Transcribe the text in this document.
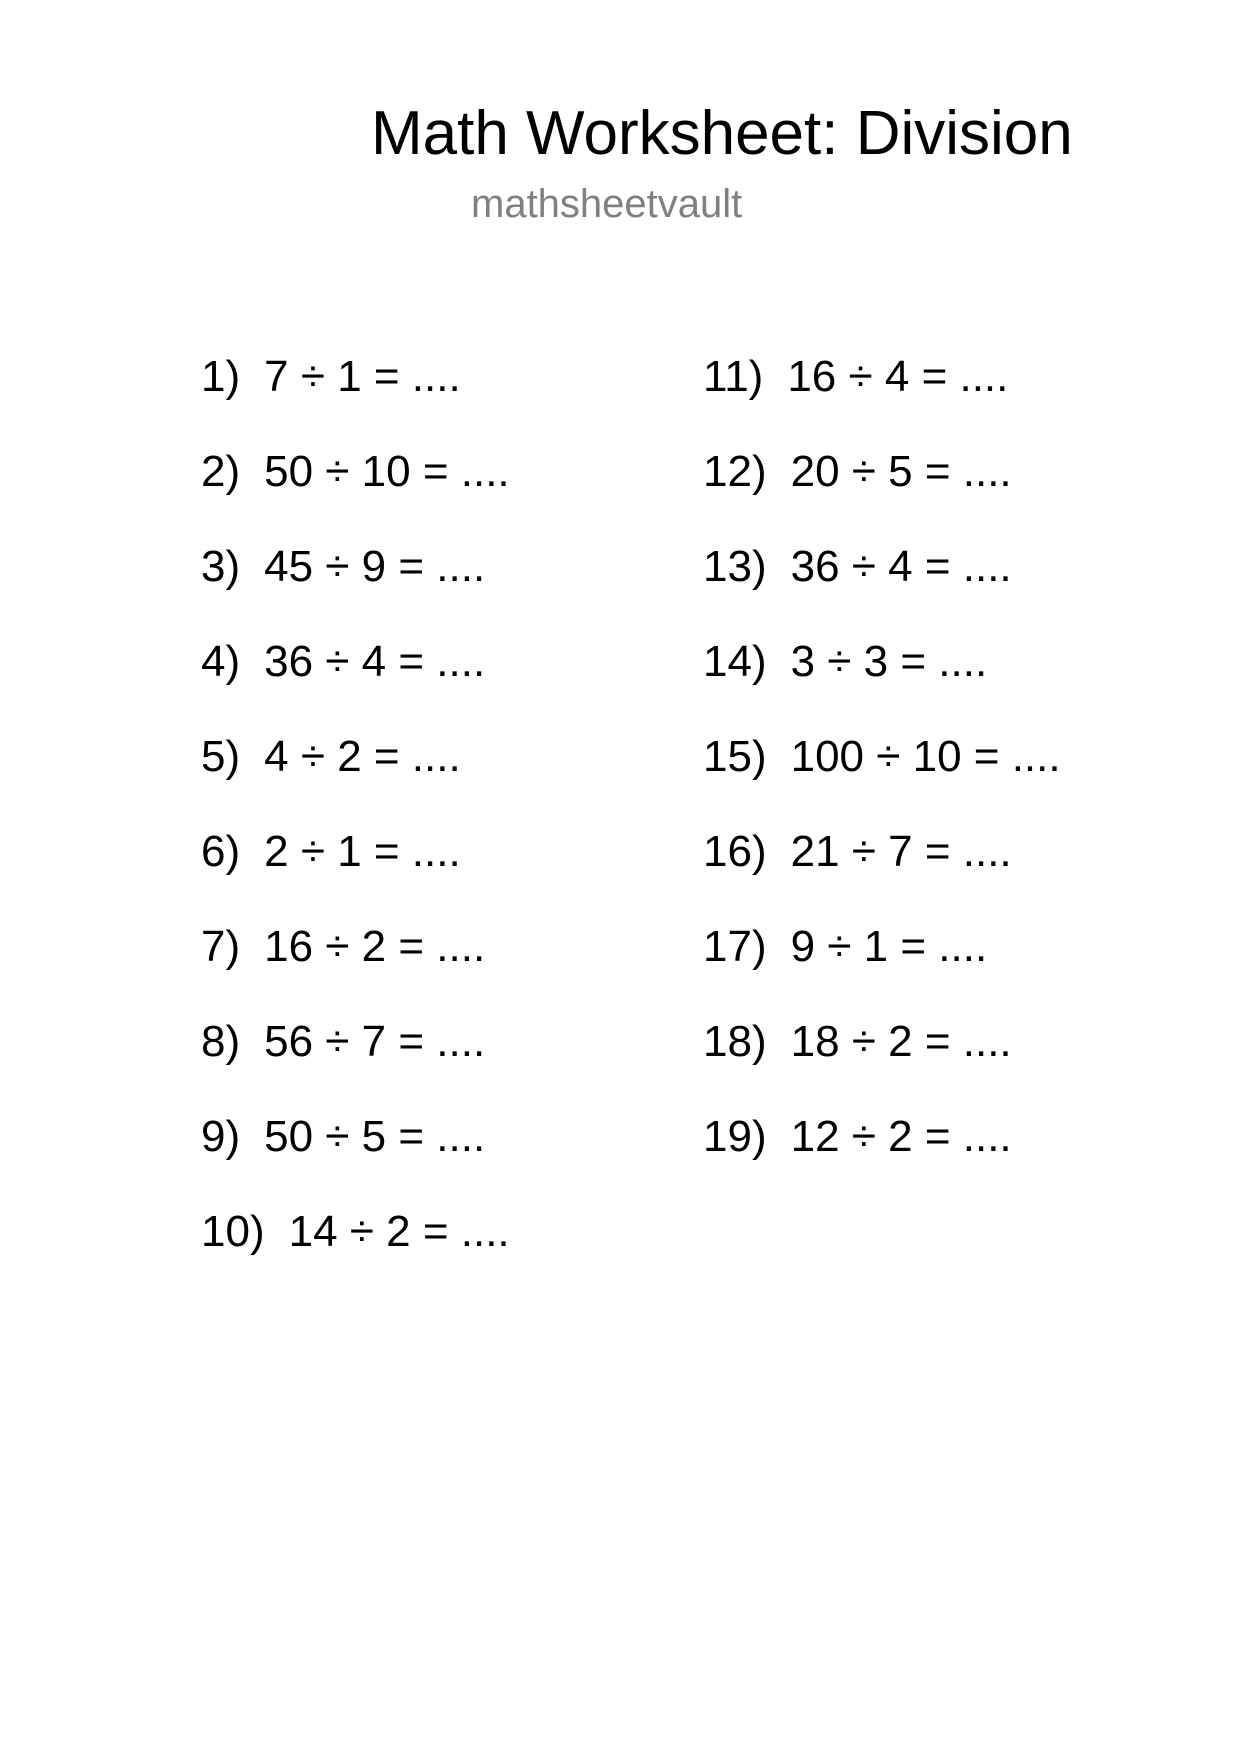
Math Worksheet: Division
mathsheetvault
1) 7 ÷ 1 = ....
2) 50 ÷ 10 = ....
3) 45 ÷ 9 = ....
4) 36 ÷ 4 = ....
5) 4 ÷ 2 = ....
6) 2 ÷ 1 = ....
7) 16 ÷ 2 = ....
8) 56 ÷ 7 = ....
9) 50 ÷ 5 = ....
10) 14 ÷ 2 = ....
11) 16 ÷ 4 = ....
12) 20 ÷ 5 = ....
13) 36 ÷ 4 = ....
14) 3 ÷ 3 = ....
15) 100 ÷ 10 = ....
16) 21 ÷ 7 = ....
17) 9 ÷ 1 = ....
18) 18 ÷ 2 = ....
19) 12 ÷ 2 = ....
